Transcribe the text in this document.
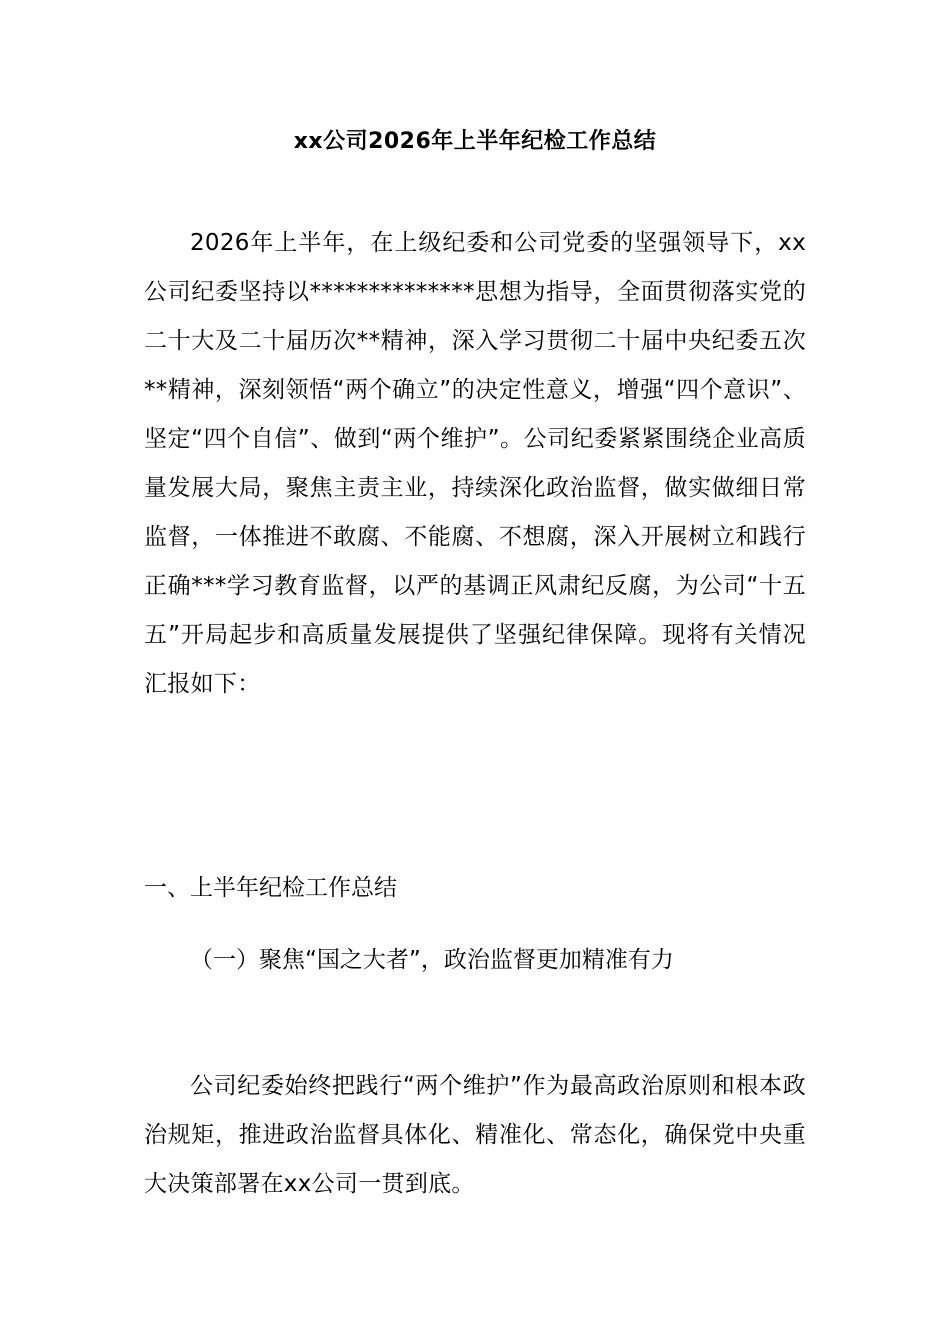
xx公司2026年上半年纪检工作总结

2026年上半年，在上级纪委和公司党委的坚强领导下，xx公司纪委坚持以**************思想为指导，全面贯彻落实党的二十大及二十届历次**精神，深入学习贯彻二十届中央纪委五次**精神，深刻领悟“两个确立”的决定性意义，增强“四个意识”、坚定“四个自信”、做到“两个维护”。公司纪委紧紧围绕企业高质量发展大局，聚焦主责主业，持续深化政治监督，做实做细日常监督，一体推进不敢腐、不能腐、不想腐，深入开展树立和践行正确***学习教育监督，以严的基调正风肃纪反腐，为公司“十五五”开局起步和高质量发展提供了坚强纪律保障。现将有关情况汇报如下：

一、上半年纪检工作总结

（一）聚焦“国之大者”，政治监督更加精准有力

公司纪委始终把践行“两个维护”作为最高政治原则和根本政治规矩，推进政治监督具体化、精准化、常态化，确保党中央重大决策部署在xx公司一贯到底。
